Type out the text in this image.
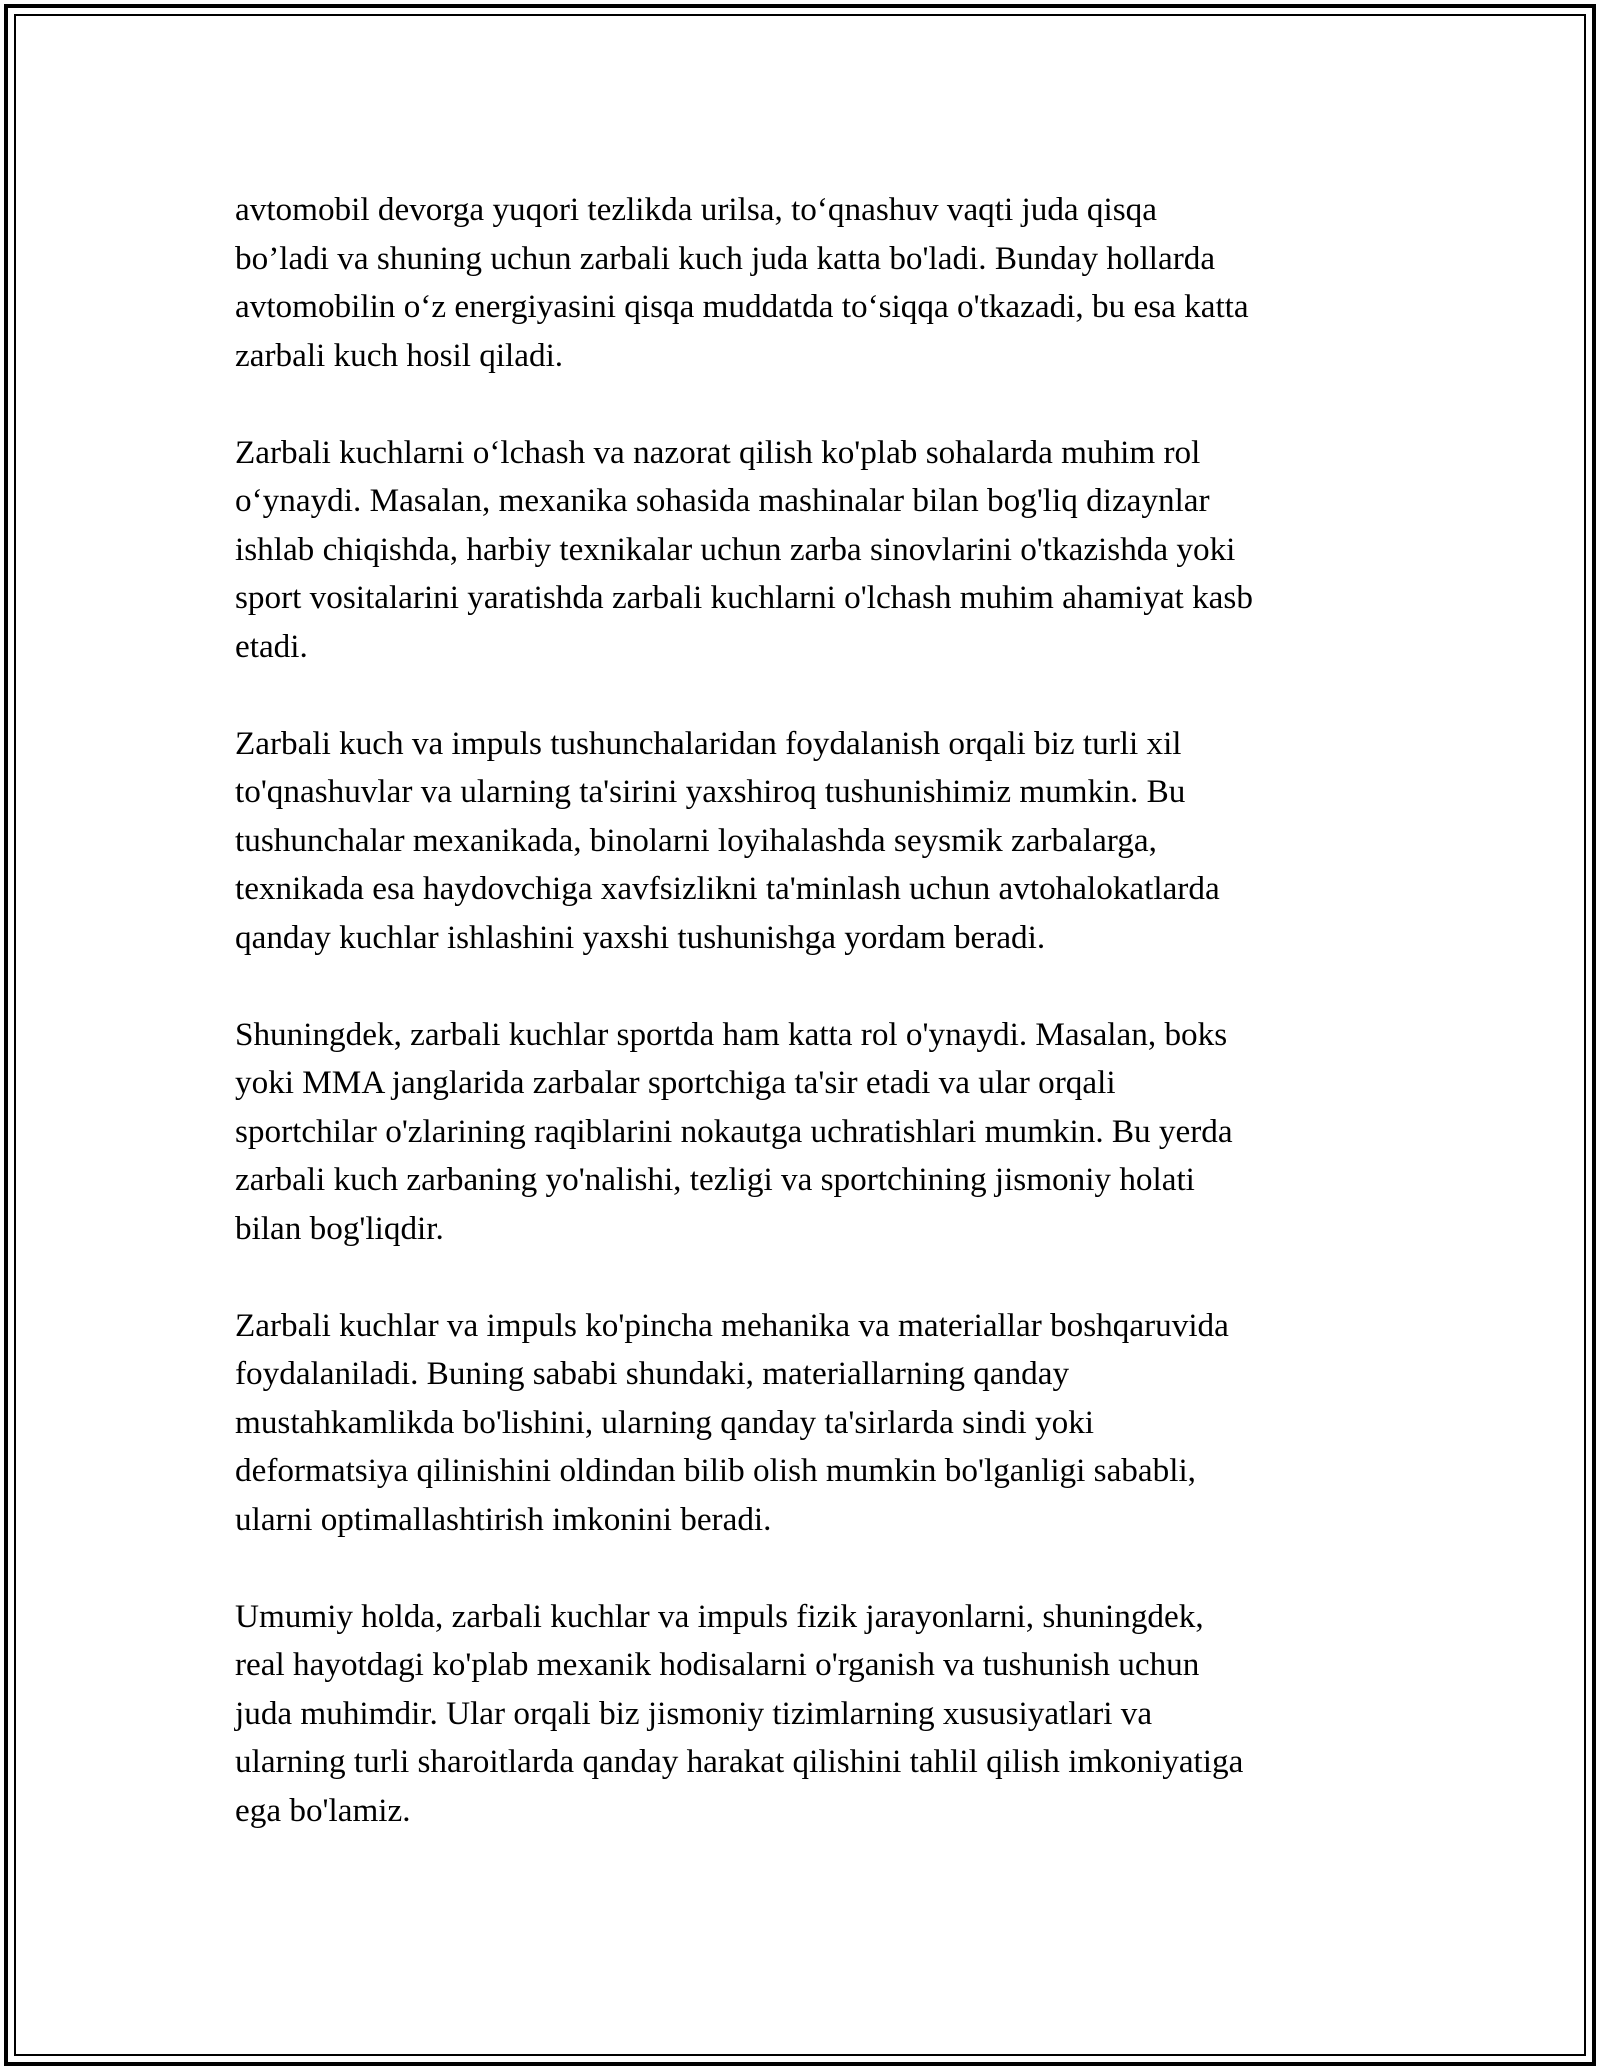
avtomobil devorga yuqori tezlikda urilsa, to‘qnashuv vaqti juda qisqa
bo’ladi va shuning uchun zarbali kuch juda katta bo'ladi. Bunday hollarda
avtomobilin o‘z energiyasini qisqa muddatda to‘siqqa o'tkazadi, bu esa katta
zarbali kuch hosil qiladi.

Zarbali kuchlarni o‘lchash va nazorat qilish ko'plab sohalarda muhim rol
o‘ynaydi. Masalan, mexanika sohasida mashinalar bilan bog'liq dizaynlar
ishlab chiqishda, harbiy texnikalar uchun zarba sinovlarini o'tkazishda yoki
sport vositalarini yaratishda zarbali kuchlarni o'lchash muhim ahamiyat kasb
etadi.

Zarbali kuch va impuls tushunchalaridan foydalanish orqali biz turli xil
to'qnashuvlar va ularning ta'sirini yaxshiroq tushunishimiz mumkin. Bu
tushunchalar mexanikada, binolarni loyihalashda seysmik zarbalarga,
texnikada esa haydovchiga xavfsizlikni ta'minlash uchun avtohalokatlarda
qanday kuchlar ishlashini yaxshi tushunishga yordam beradi.

Shuningdek, zarbali kuchlar sportda ham katta rol o'ynaydi. Masalan, boks
yoki MMA janglarida zarbalar sportchiga ta'sir etadi va ular orqali
sportchilar o'zlarining raqiblarini nokautga uchratishlari mumkin. Bu yerda
zarbali kuch zarbaning yo'nalishi, tezligi va sportchining jismoniy holati
bilan bog'liqdir.

Zarbali kuchlar va impuls ko'pincha mehanika va materiallar boshqaruvida
foydalaniladi. Buning sababi shundaki, materiallarning qanday
mustahkamlikda bo'lishini, ularning qanday ta'sirlarda sindi yoki
deformatsiya qilinishini oldindan bilib olish mumkin bo'lganligi sababli,
ularni optimallashtirish imkonini beradi.

Umumiy holda, zarbali kuchlar va impuls fizik jarayonlarni, shuningdek,
real hayotdagi ko'plab mexanik hodisalarni o'rganish va tushunish uchun
juda muhimdir. Ular orqali biz jismoniy tizimlarning xususiyatlari va
ularning turli sharoitlarda qanday harakat qilishini tahlil qilish imkoniyatiga
ega bo'lamiz.
